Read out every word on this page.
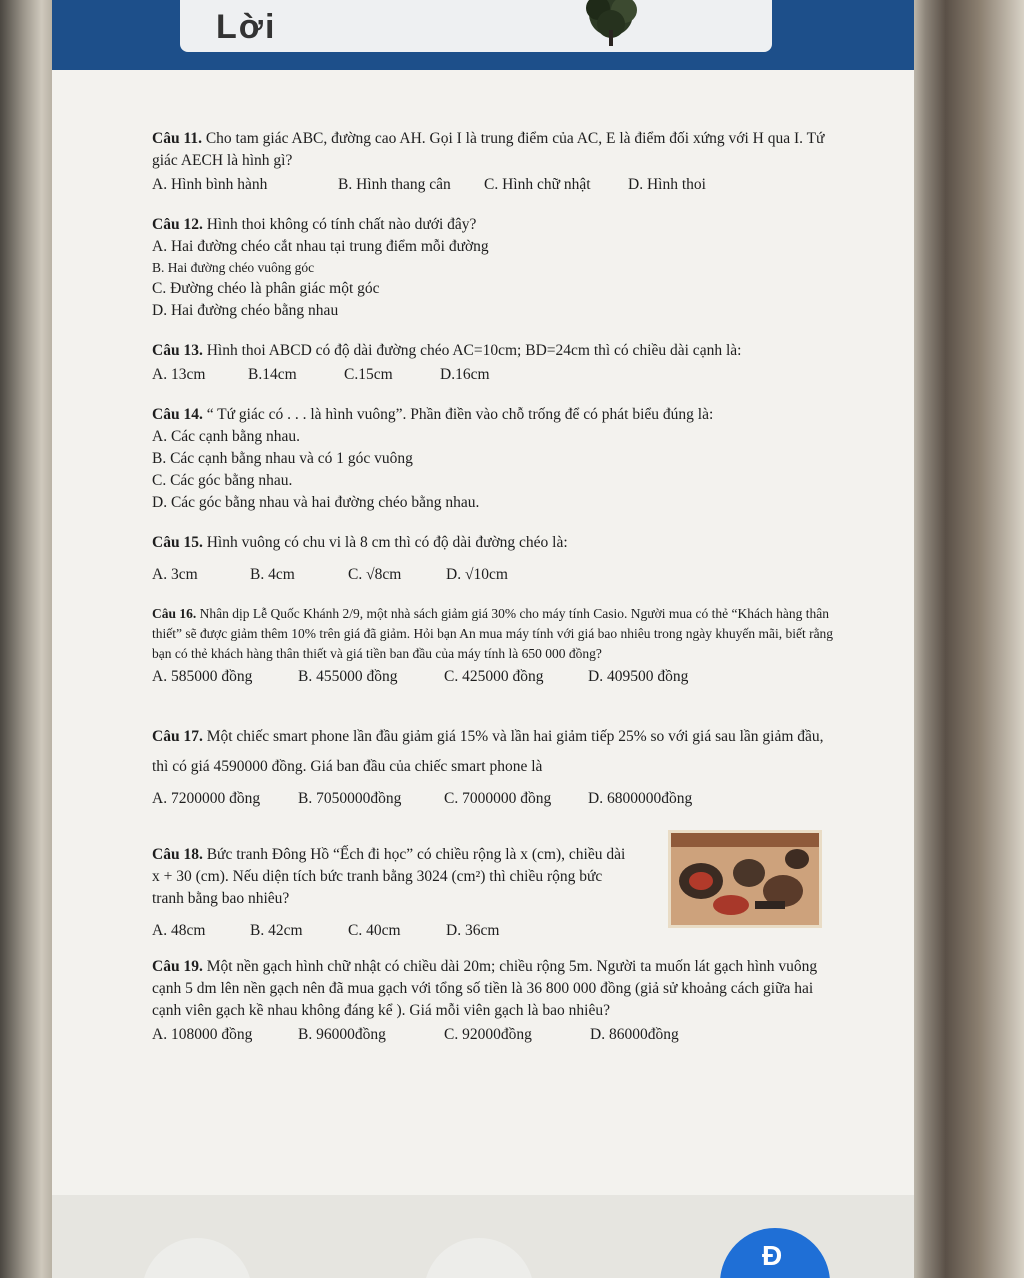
Lời

Câu 11. Cho tam giác ABC, đường cao AH. Gọi I là trung điểm của AC, E là điểm đối xứng với H qua I. Tứ giác AECH là hình gì?

A. Hình bình hành	B. Hình thang cân	C. Hình chữ nhật	D. Hình thoi

Câu 12. Hình thoi không có tính chất nào dưới đây?

A. Hai đường chéo cắt nhau tại trung điểm mỗi đường

B. Hai đường chéo vuông góc

C. Đường chéo là phân giác một góc

D. Hai đường chéo bằng nhau

Câu 13. Hình thoi ABCD có độ dài đường chéo AC=10cm; BD=24cm thì có chiều dài cạnh là:

A. 13cm	B.14cm	C.15cm	D.16cm

Câu 14. “ Tứ giác có . . . là hình vuông”. Phần điền vào chỗ trống để có phát biểu đúng là:

A. Các cạnh bằng nhau.

B. Các cạnh bằng nhau và có 1 góc vuông

C. Các góc bằng nhau.

D. Các góc bằng nhau và hai đường chéo bằng nhau.

Câu 15. Hình vuông có chu vi là 8 cm thì có độ dài đường chéo là:

A. 3cm	B. 4cm	C. √8cm	D. √10cm

Câu 16. Nhân dịp Lễ Quốc Khánh 2/9, một nhà sách giảm giá 30% cho máy tính Casio. Người mua có thẻ “Khách hàng thân thiết” sẽ được giảm thêm 10% trên giá đã giảm. Hỏi bạn An mua máy tính với giá bao nhiêu trong ngày khuyến mãi, biết rằng bạn có thẻ khách hàng thân thiết và giá tiền ban đầu của máy tính là 650 000 đồng?

A. 585000 đồng	B. 455000 đồng	C. 425000 đồng	D. 409500 đồng

Câu 17. Một chiếc smart phone lần đầu giảm giá 15% và lần hai giảm tiếp 25% so với giá sau lần giảm đầu, thì có giá 4590000 đồng. Giá ban đầu của chiếc smart phone là

A. 7200000 đồng	B. 7050000đồng	C. 7000000 đồng	D. 6800000đồng

Câu 18. Bức tranh Đông Hồ “Ếch đi học” có chiều rộng là x (cm), chiều dài x + 30 (cm). Nếu diện tích bức tranh bằng 3024 (cm²) thì chiều rộng bức tranh bằng bao nhiêu?

A. 48cm	B. 42cm	C. 40cm	D. 36cm

Câu 19. Một nền gạch hình chữ nhật có chiều dài 20m; chiều rộng 5m. Người ta muốn lát gạch hình vuông cạnh 5 dm lên nền gạch nên đã mua gạch với tổng số tiền là 36 800 000 đồng (giả sử khoảng cách giữa hai cạnh viên gạch kề nhau không đáng kể ). Giá mỗi viên gạch là bao nhiêu?

A. 108000 đồng	B. 96000đồng	C. 92000đồng	D. 86000đồng
Đ
